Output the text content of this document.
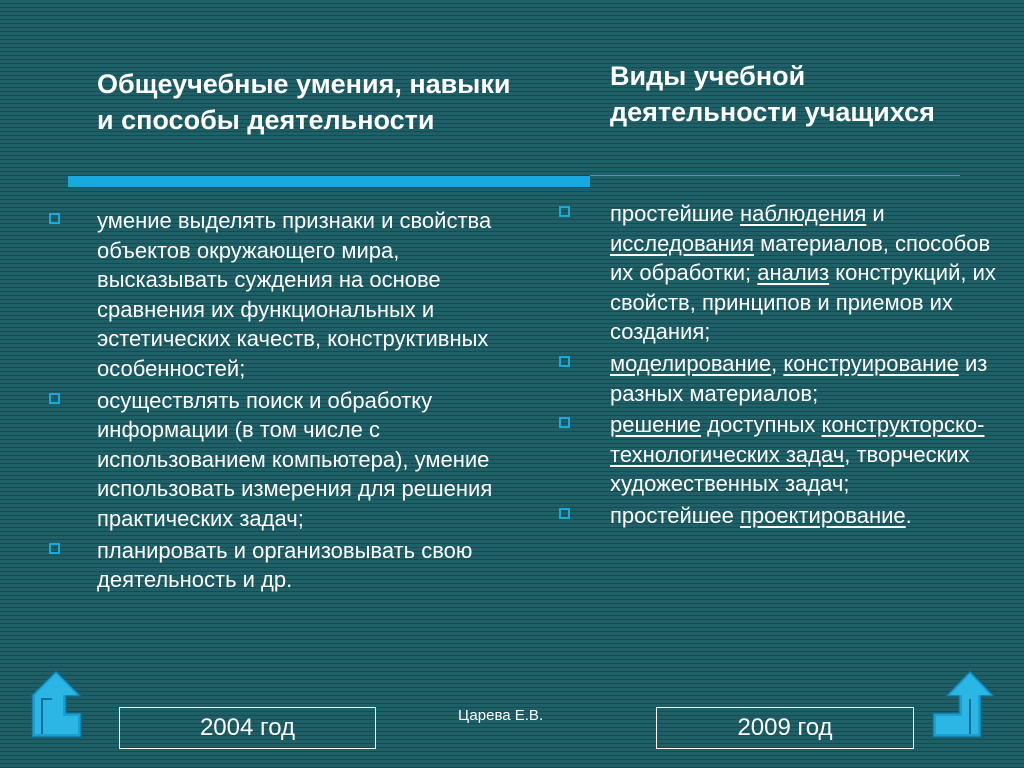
Общеучебные умения, навыки и способы деятельности
Виды учебной деятельности учащихся
умение выделять признаки и свойства объектов окружающего мира, высказывать суждения на основе сравнения их функциональных и эстетических качеств, конструктивных особенностей;
осуществлять поиск и обработку информации (в том числе с использованием компьютера), умение использовать измерения для решения практических задач;
планировать и организовывать свою деятельность и др.
простейшие наблюдения и исследования материалов, способов их обработки; анализ конструкций, их свойств, принципов и приемов их создания;
моделирование, конструирование из разных материалов;
решение доступных конструкторско-технологических задач, творческих художественных задач;
простейшее проектирование.
2004 год	Царева Е.В.	2009 год
